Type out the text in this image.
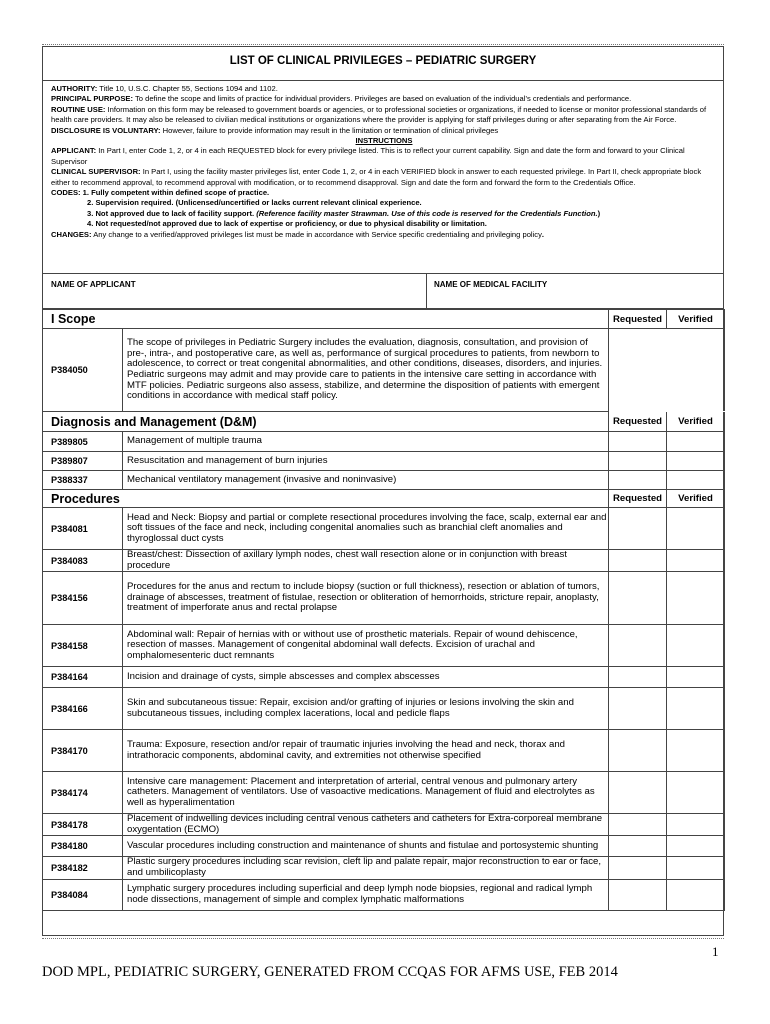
LIST OF CLINICAL PRIVILEGES – PEDIATRIC SURGERY
AUTHORITY: Title 10, U.S.C. Chapter 55, Sections 1094 and 1102.
PRINCIPAL PURPOSE: To define the scope and limits of practice for individual providers. Privileges are based on evaluation of the individual’s credentials and performance.
ROUTINE USE: Information on this form may be released to government boards or agencies, or to professional societies or organizations, if needed to license or monitor professional standards of health care providers. It may also be released to civilian medical institutions or organizations where the provider is applying for staff privileges during or after separating from the Air Force.
DISCLOSURE IS VOLUNTARY: However, failure to provide information may result in the limitation or termination of clinical privileges
INSTRUCTIONS
APPLICANT: In Part I, enter Code 1, 2, or 4 in each REQUESTED block for every privilege listed. This is to reflect your current capability. Sign and date the form and forward to your Clinical Supervisor
CLINICAL SUPERVISOR: In Part I, using the facility master privileges list, enter Code 1, 2, or 4 in each VERIFIED block in answer to each requested privilege. In Part II, check appropriate block either to recommend approval, to recommend approval with modification, or to recommend disapproval. Sign and date the form and forward the form to the Credentials Office.
CODES: 1. Fully competent within defined scope of practice.
2. Supervision required. (Unlicensed/uncertified or lacks current relevant clinical experience.
3. Not approved due to lack of facility support. (Reference facility master Strawman. Use of this code is reserved for the Credentials Function.)
4. Not requested/not approved due to lack of expertise or proficiency, or due to physical disability or limitation.
CHANGES: Any change to a verified/approved privileges list must be made in accordance with Service specific credentialing and privileging policy.
NAME OF APPLICANT	NAME OF MEDICAL FACILITY
I Scope		Requested	Verified
P384050	The scope of privileges in Pediatric Surgery includes the evaluation, diagnosis, consultation, and provision of pre-, intra-, and postoperative care, as well as, performance of surgical procedures to patients, from newborn to adolescence, to correct or treat congenital abnormalities, and other conditions, diseases, disorders, and injuries. Pediatric surgeons may admit and may provide care to patients in the intensive care setting in accordance with MTF policies. Pediatric surgeons also assess, stabilize, and determine the disposition of patients with emergent conditions in accordance with medical staff policy.		
Diagnosis and Management (D&M)		Requested	Verified
P389805	Management of multiple trauma		
P389807	Resuscitation and management of burn injuries		
P388337	Mechanical ventilatory management (invasive and noninvasive)		
Procedures		Requested	Verified
P384081	Head and Neck: Biopsy and partial or complete resectional procedures involving the face, scalp, external ear and soft tissues of the face and neck, including congenital anomalies such as branchial cleft anomalies and thyroglossal duct cysts		
P384083	Breast/chest: Dissection of axillary lymph nodes, chest wall resection alone or in conjunction with breast procedure		
P384156	Procedures for the anus and rectum to include biopsy (suction or full thickness), resection or ablation of tumors, drainage of abscesses, treatment of fistulae, resection or obliteration of hemorrhoids, stricture repair, anoplasty, treatment of imperforate anus and rectal prolapse		
P384158	Abdominal wall: Repair of hernias with or without use of prosthetic materials. Repair of wound dehiscence, resection of masses. Management of congenital abdominal wall defects. Excision of urachal and omphalomesenteric duct remnants		
P384164	Incision and drainage of cysts, simple abscesses and complex abscesses		
P384166	Skin and subcutaneous tissue: Repair, excision and/or grafting of injuries or lesions involving the skin and subcutaneous tissues, including complex lacerations, local and pedicle flaps		
P384170	Trauma: Exposure, resection and/or repair of traumatic injuries involving the head and neck, thorax and intrathoracic components, abdominal cavity, and extremities not otherwise specified		
P384174	Intensive care management: Placement and interpretation of arterial, central venous and pulmonary artery catheters. Management of ventilators. Use of vasoactive medications. Management of fluid and electrolytes as well as hyperalimentation		
P384178	Placement of indwelling devices including central venous catheters and catheters for Extra-corporeal membrane oxygentation (ECMO)		
P384180	Vascular procedures including construction and maintenance of shunts and fistulae and portosystemic shunting		
P384182	Plastic surgery procedures including scar revision, cleft lip and palate repair, major reconstruction to ear or face, and umbilicoplasty		
P384084	Lymphatic surgery procedures including superficial and deep lymph node biopsies, regional and radical lymph node dissections, management of simple and complex lymphatic malformations		
1
DOD MPL, PEDIATRIC SURGERY, GENERATED FROM CCQAS FOR AFMS USE, FEB 2014
